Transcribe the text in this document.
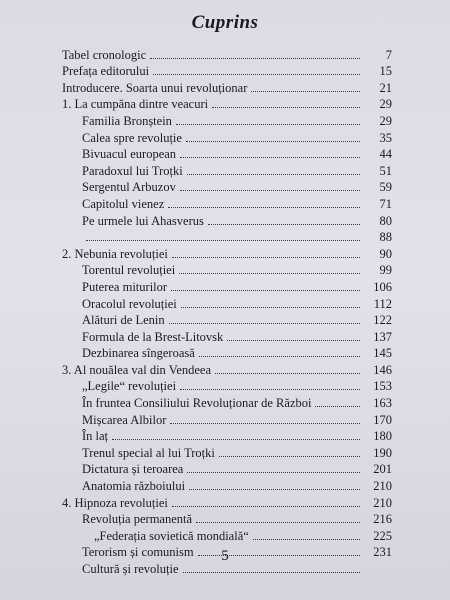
Cuprins
Tabel cronologic	7
Prefața editorului	15
Introducere. Soarta unui revoluționar	21
1. La cumpăna dintre veacuri	29
Familia Bronștein	29
Calea spre revoluție	35
Bivuacul european	44
Paradoxul lui Troțki	51
Sergentul Arbuzov	59
Capitolul vienez	71
Pe urmele lui Ahasverus	80
88
2. Nebunia revoluției	90
Torentul revoluției	99
Puterea miturilor	106
Oracolul revoluției	112
Alături de Lenin	122
Formula de la Brest-Litovsk	137
Dezbinarea sîngeroasă	145
3. Al nouălea val din Vendeea	146
„Legile“ revoluției	153
În fruntea Consiliului Revoluționar de Război	163
Mișcarea Albilor	170
În laț	180
Trenul special al lui Troțki	190
Dictatura și teroarea	201
Anatomia războiului	210
4. Hipnoza revoluției	210
Revoluția permanentă	216
„Federația sovietică mondială“	225
Terorism și comunism	231
Cultură și revoluție
5
